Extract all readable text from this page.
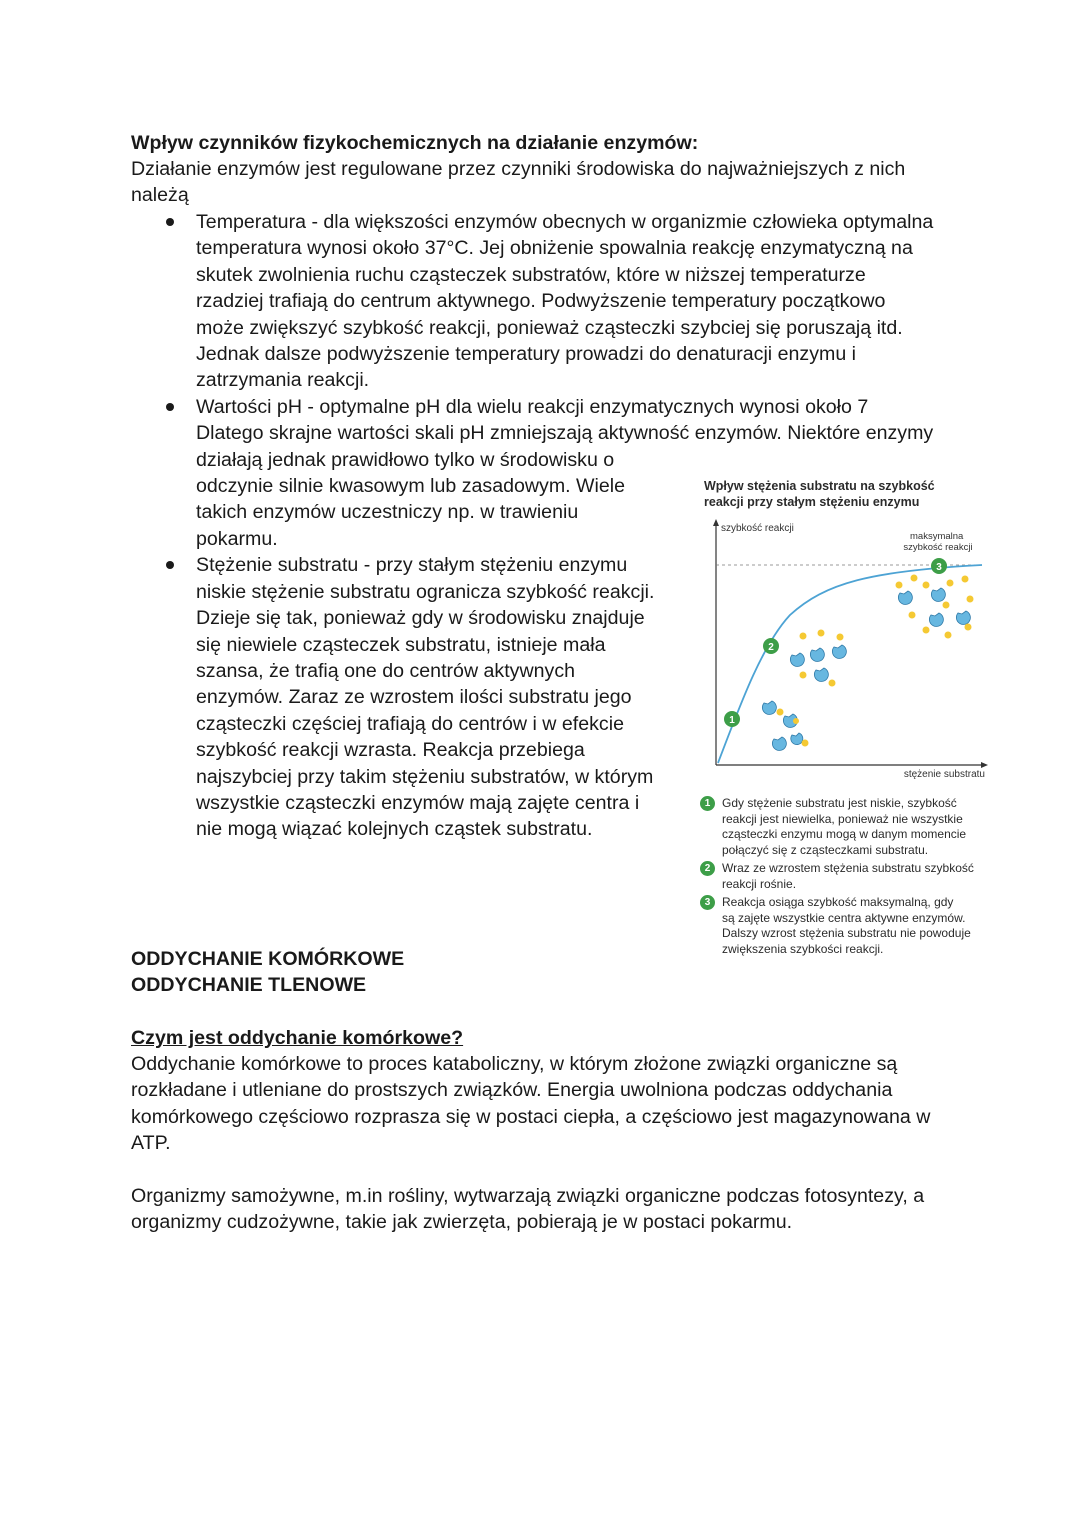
Wpływ czynników fizykochemicznych na działanie enzymów:

Działanie enzymów jest regulowane przez czynniki środowiska do najważniejszych z nich należą

Temperatura - dla większości enzymów obecnych w organizmie człowieka optymalna
temperatura wynosi około 37°C. Jej obniżenie spowalnia reakcję enzymatyczną na
skutek zwolnienia ruchu cząsteczek substratów, które w niższej temperaturze
rzadziej trafiają do centrum aktywnego. Podwyższenie temperatury początkowo
może zwiększyć szybkość reakcji, ponieważ cząsteczki szybciej się poruszają itd.
Jednak dalsze podwyższenie temperatury prowadzi do denaturacji enzymu i
zatrzymania reakcji.
Wartości pH - optymalne pH dla wielu reakcji enzymatycznych wynosi około 7
Dlatego skrajne wartości skali pH zmniejszają aktywność enzymów. Niektóre enzymy
działają jednak prawidłowo tylko w środowisku o
odczynie silnie kwasowym lub zasadowym. Wiele
takich enzymów uczestniczy np. w trawieniu
pokarmu.
Stężenie substratu - przy stałym stężeniu enzymu
niskie stężenie substratu ogranicza szybkość reakcji.
Dzieje się tak, ponieważ gdy w środowisku znajduje
się niewiele cząsteczek substratu, istnieje mała
szansa, że trafią one do centrów aktywnych
enzymów. Zaraz ze wzrostem ilości substratu jego
cząsteczki częściej trafiają do centrów i w efekcie
szybkość reakcji wzrasta. Reakcja przebiega
najszybciej przy takim stężeniu substratów, w którym
wszystkie cząsteczki enzymów mają zajęte centra i
nie mogą wiązać kolejnych cząstek substratu.
Wpływ stężenia substratu na szybkość
reakcji przy stałym stężeniu enzymu
szybkość reakcji
stężenie substratu
maksymalna szybkość reakcji
1
2
3
1 Gdy stężenie substratu jest niskie, szybkość
reakcji jest niewielka, ponieważ nie wszystkie
cząsteczki enzymu mogą w danym momencie
połączyć się z cząsteczkami substratu.
2 Wraz ze wzrostem stężenia substratu szybkość
reakcji rośnie.
3 Reakcja osiąga szybkość maksymalną, gdy
są zajęte wszystkie centra aktywne enzymów.
Dalszy wzrost stężenia substratu nie powoduje
zwiększenia szybkości reakcji.
ODDYCHANIE KOMÓRKOWE
ODDYCHANIE TLENOWE
Czym jest oddychanie komórkowe?
Oddychanie komórkowe to proces kataboliczny, w którym złożone związki organiczne są
rozkładane i utleniane do prostszych związków. Energia uwolniona podczas oddychania
komórkowego częściowo rozprasza się w postaci ciepła, a częściowo jest magazynowana w
ATP.
Organizmy samożywne, m.in rośliny, wytwarzają związki organiczne podczas fotosyntezy, a
organizmy cudzożywne, takie jak zwierzęta, pobierają je w postaci pokarmu.
